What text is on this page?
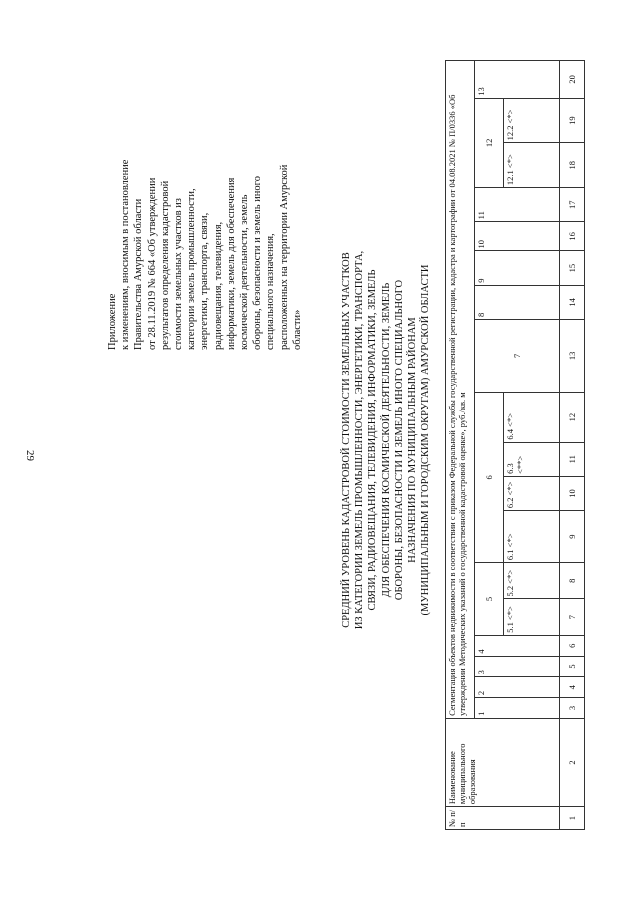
29
Приложение к изменениям, вносимым в постановление Правительства Амурской области от 28.11.2019 № 664 «Об утверждении результатов определения кадастровой стоимости земельных участков из категории земель промышленности, энергетики, транспорта, связи, радиовещания, телевидения, информатики, земель для обеспечения космической деятельности, земель обороны, безопасности и земель иного специального назначения, расположенных на территории Амурской области»	СРЕДНИЙ УРОВЕНЬ КАДАСТРОВОЙ СТОИМОСТИ ЗЕМЕЛЬНЫХ УЧАСТКОВ ИЗ КАТЕГОРИИ ЗЕМЕЛЬ ПРОМЫШЛЕННОСТИ, ЭНЕРГЕТИКИ, ТРАНСПОРТА, СВЯЗИ, РАДИОВЕЩАНИЯ, ТЕЛЕВИДЕНИЯ, ИНФОРМАТИКИ, ЗЕМЕЛЬ ДЛЯ ОБЕСПЕЧЕНИЯ КОСМИЧЕСКОЙ ДЕЯТЕЛЬНОСТИ, ЗЕМЕЛЬ ОБОРОНЫ, БЕЗОПАСНОСТИ И ЗЕМЕЛЬ ИНОГО СПЕЦИАЛЬНОГО НАЗНАЧЕНИЯ ПО МУНИЦИПАЛЬНЫМ РАЙОНАМ (МУНИЦИПАЛЬНЫМ И ГОРОДСКИМ ОКРУГАМ) АМУРСКОЙ ОБЛАСТИ
№ п/п	Наименование муниципального образования	Сегментация объектов недвижимости в соответствии с приказом Федеральной службы государственной регистрации, кадастра и картографии от 04.08.2021 № П/0336 «Об утверждении Методических указаний о государственной кадастровой оценке», руб./кв. м																	
		1	2	3	4	5		6				7	8	9	10	11	12		13
						5.1 <*>	5.2 <*>	6.1 <*>	6.2 <*>	6.3 <**>	6.4 <*>						12.1 <*>	12.2 <*>	
1	2	3	4	5	6	7	8	9	10	11	12	13	14	15	16	17	18	19	20
